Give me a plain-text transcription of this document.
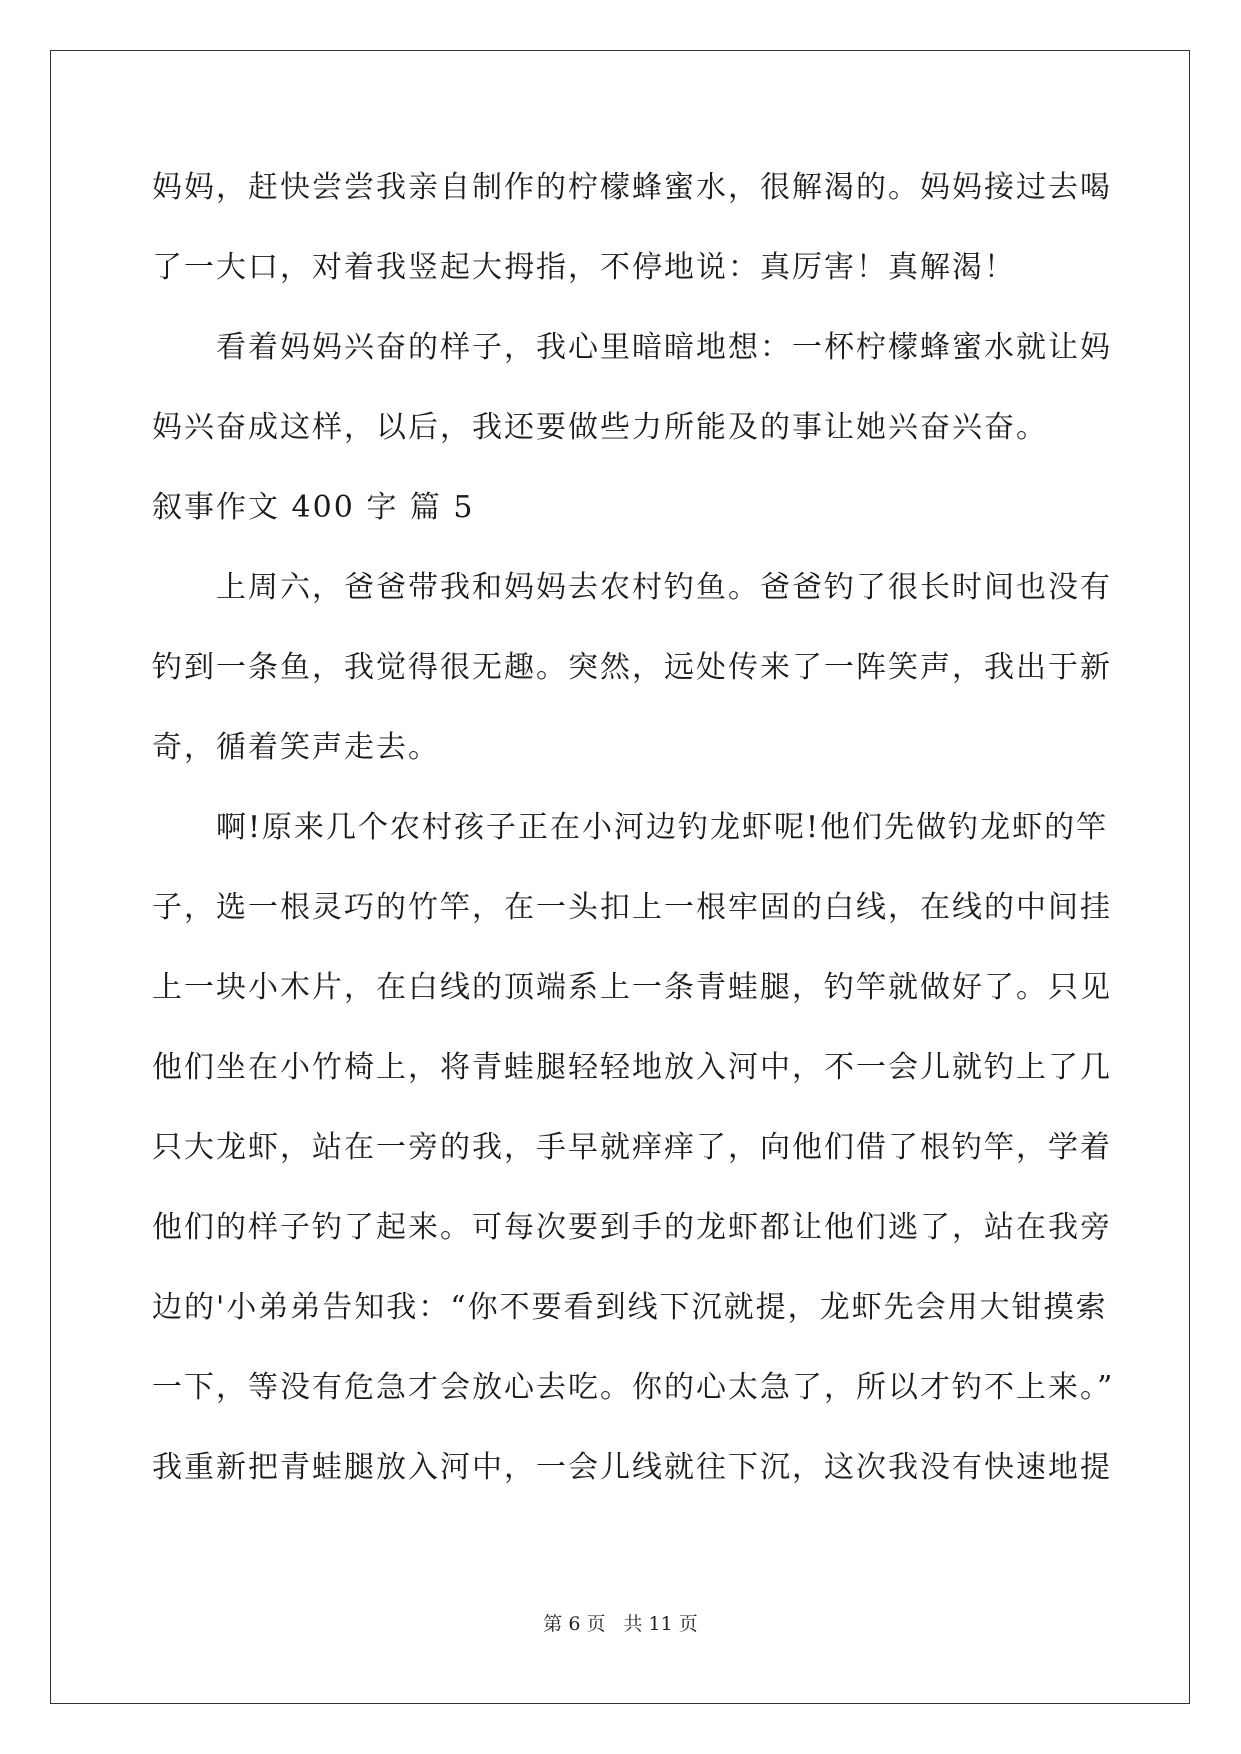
妈妈，赶快尝尝我亲自制作的柠檬蜂蜜水，很解渴的。妈妈接过去喝
了一大口，对着我竖起大拇指，不停地说：真厉害！真解渴！
　　看着妈妈兴奋的样子，我心里暗暗地想：一杯柠檬蜂蜜水就让妈
妈兴奋成这样，以后，我还要做些力所能及的事让她兴奋兴奋。
叙事作文 400 字 篇 5
　　上周六，爸爸带我和妈妈去农村钓鱼。爸爸钓了很长时间也没有
钓到一条鱼，我觉得很无趣。突然，远处传来了一阵笑声，我出于新
奇，循着笑声走去。
　　啊!原来几个农村孩子正在小河边钓龙虾呢!他们先做钓龙虾的竿
子，选一根灵巧的竹竿，在一头扣上一根牢固的白线，在线的中间挂
上一块小木片，在白线的顶端系上一条青蛙腿，钓竿就做好了。只见
他们坐在小竹椅上，将青蛙腿轻轻地放入河中，不一会儿就钓上了几
只大龙虾，站在一旁的我，手早就痒痒了，向他们借了根钓竿，学着
他们的样子钓了起来。可每次要到手的龙虾都让他们逃了，站在我旁
边的'小弟弟告知我：“你不要看到线下沉就提，龙虾先会用大钳摸索
一下，等没有危急才会放心去吃。你的心太急了，所以才钓不上来。”
我重新把青蛙腿放入河中，一会儿线就往下沉，这次我没有快速地提
第 6 页 共 11 页
